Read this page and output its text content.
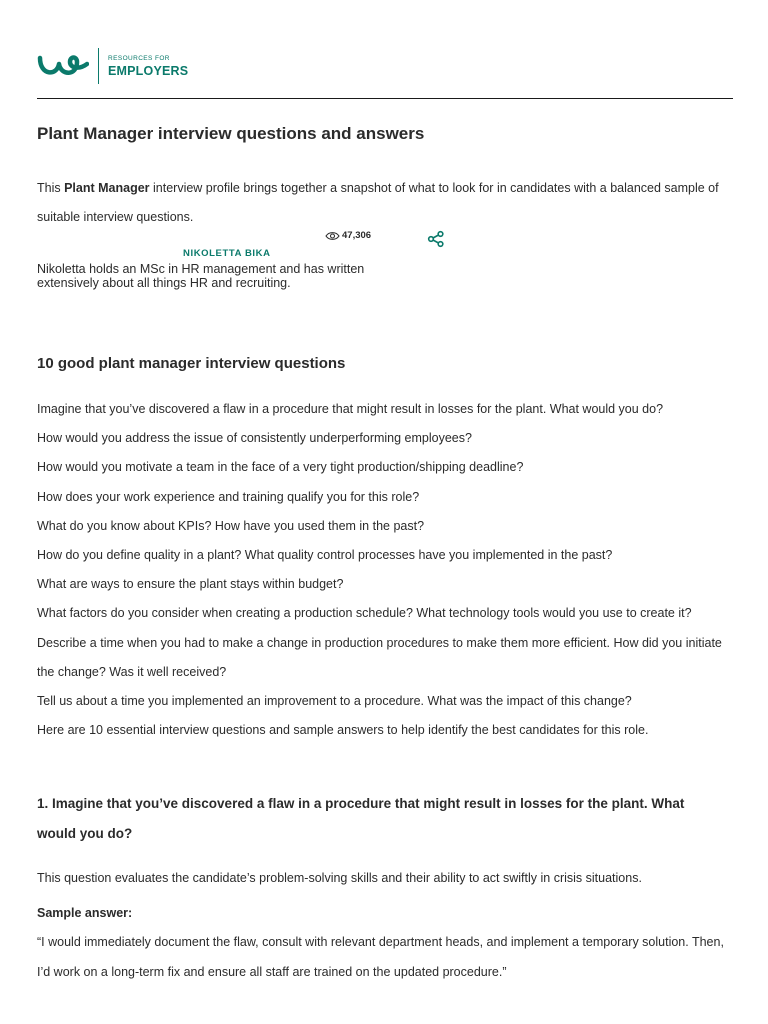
RESOURCES FOR
EMPLOYERS
Plant Manager interview questions and answers

This Plant Manager interview profile brings together a snapshot of what to look for in candidates with a balanced sample of suitable interview questions.

47,306
NIKOLETTA BIKA

Nikoletta holds an MSc in HR management and has written extensively about all things HR and recruiting.

10 good plant manager interview questions
Imagine that you’ve discovered a flaw in a procedure that might result in losses for the plant. What would you do?
How would you address the issue of consistently underperforming employees?
How would you motivate a team in the face of a very tight production/shipping deadline?
How does your work experience and training qualify you for this role?
What do you know about KPIs? How have you used them in the past?
How do you define quality in a plant? What quality control processes have you implemented in the past?
What are ways to ensure the plant stays within budget?
What factors do you consider when creating a production schedule? What technology tools would you use to create it?
Describe a time when you had to make a change in production procedures to make them more efficient. How did you initiate the change? Was it well received?
Tell us about a time you implemented an improvement to a procedure. What was the impact of this change?
Here are 10 essential interview questions and sample answers to help identify the best candidates for this role.
1. Imagine that you’ve discovered a flaw in a procedure that might result in losses for the plant. What would you do?

This question evaluates the candidate’s problem-solving skills and their ability to act swiftly in crisis situations.

Sample answer:

“I would immediately document the flaw, consult with relevant department heads, and implement a temporary solution. Then, I’d work on a long-term fix and ensure all staff are trained on the updated procedure.”
